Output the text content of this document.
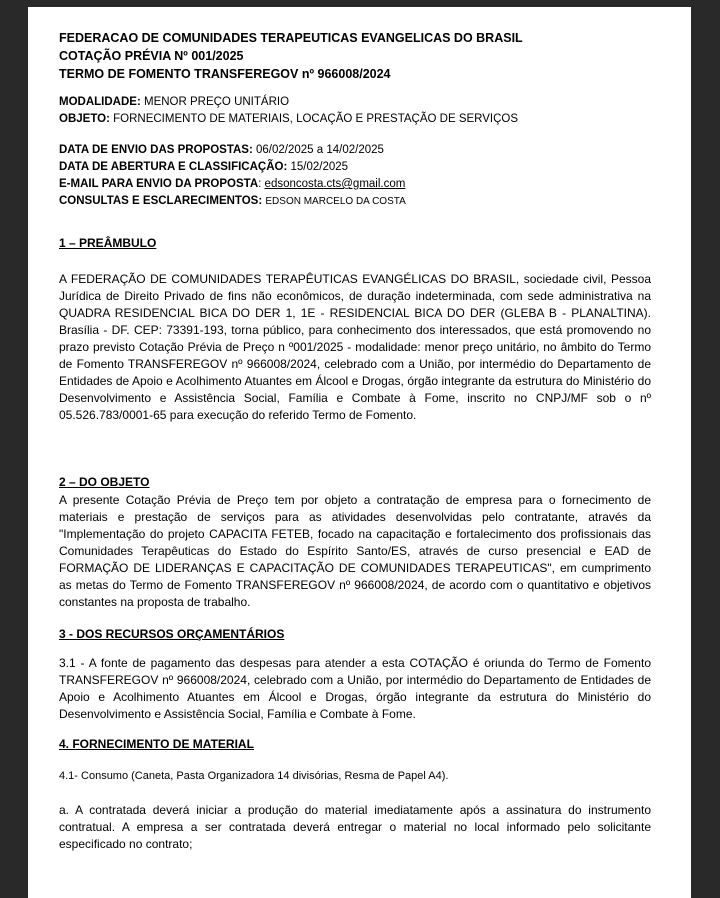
FEDERACAO DE COMUNIDADES TERAPEUTICAS EVANGELICAS DO BRASIL
COTAÇÃO PRÉVIA Nº 001/2025
TERMO DE FOMENTO TRANSFEREGOV nº 966008/2024
MODALIDADE: MENOR PREÇO UNITÁRIO
OBJETO: FORNECIMENTO DE MATERIAIS, LOCAÇÃO E PRESTAÇÃO DE SERVIÇOS
DATA DE ENVIO DAS PROPOSTAS: 06/02/2025 a 14/02/2025
DATA DE ABERTURA E CLASSIFICAÇÃO: 15/02/2025
E-MAIL PARA ENVIO DA PROPOSTA: edsoncosta.cts@gmail.com
CONSULTAS E ESCLARECIMENTOS: EDSON MARCELO DA COSTA
1 – PREÂMBULO
A FEDERAÇÃO DE COMUNIDADES TERAPÊUTICAS EVANGÉLICAS DO BRASIL, sociedade civil, Pessoa Jurídica de Direito Privado de fins não econômicos, de duração indeterminada, com sede administrativa na QUADRA RESIDENCIAL BICA DO DER 1, 1E - RESIDENCIAL BICA DO DER (GLEBA B - PLANALTINA). Brasília - DF. CEP: 73391-193, torna público, para conhecimento dos interessados, que está promovendo no prazo previsto Cotação Prévia de Preço n º001/2025 - modalidade: menor preço unitário, no âmbito do Termo de Fomento TRANSFEREGOV nº 966008/2024, celebrado com a União, por intermédio do Departamento de Entidades de Apoio e Acolhimento Atuantes em Álcool e Drogas, órgão integrante da estrutura do Ministério do Desenvolvimento e Assistência Social, Família e Combate à Fome, inscrito no CNPJ/MF sob o nº 05.526.783/0001-65 para execução do referido Termo de Fomento.
2 – DO OBJETO
A presente Cotação Prévia de Preço tem por objeto a contratação de empresa para o fornecimento de materiais e prestação de serviços para as atividades desenvolvidas pelo contratante, através da "Implementação do projeto CAPACITA FETEB, focado na capacitação e fortalecimento dos profissionais das Comunidades Terapêuticas do Estado do Espírito Santo/ES, através de curso presencial e EAD de FORMAÇÃO DE LIDERANÇAS E CAPACITAÇÃO DE COMUNIDADES TERAPEUTICAS", em cumprimento as metas do Termo de Fomento TRANSFEREGOV nº 966008/2024, de acordo com o quantitativo e objetivos constantes na proposta de trabalho.
3 - DOS RECURSOS ORÇAMENTÁRIOS
3.1 - A fonte de pagamento das despesas para atender a esta COTAÇÃO é oriunda do Termo de Fomento TRANSFEREGOV nº 966008/2024, celebrado com a União, por intermédio do Departamento de Entidades de Apoio e Acolhimento Atuantes em Álcool e Drogas, órgão integrante da estrutura do Ministério do Desenvolvimento e Assistência Social, Família e Combate à Fome.
4. FORNECIMENTO DE MATERIAL
4.1- Consumo (Caneta, Pasta Organizadora 14 divisórias, Resma de Papel A4).
a. A contratada deverá iniciar a produção do material imediatamente após a assinatura do instrumento contratual. A empresa a ser contratada deverá entregar o material no local informado pelo solicitante especificado no contrato;
